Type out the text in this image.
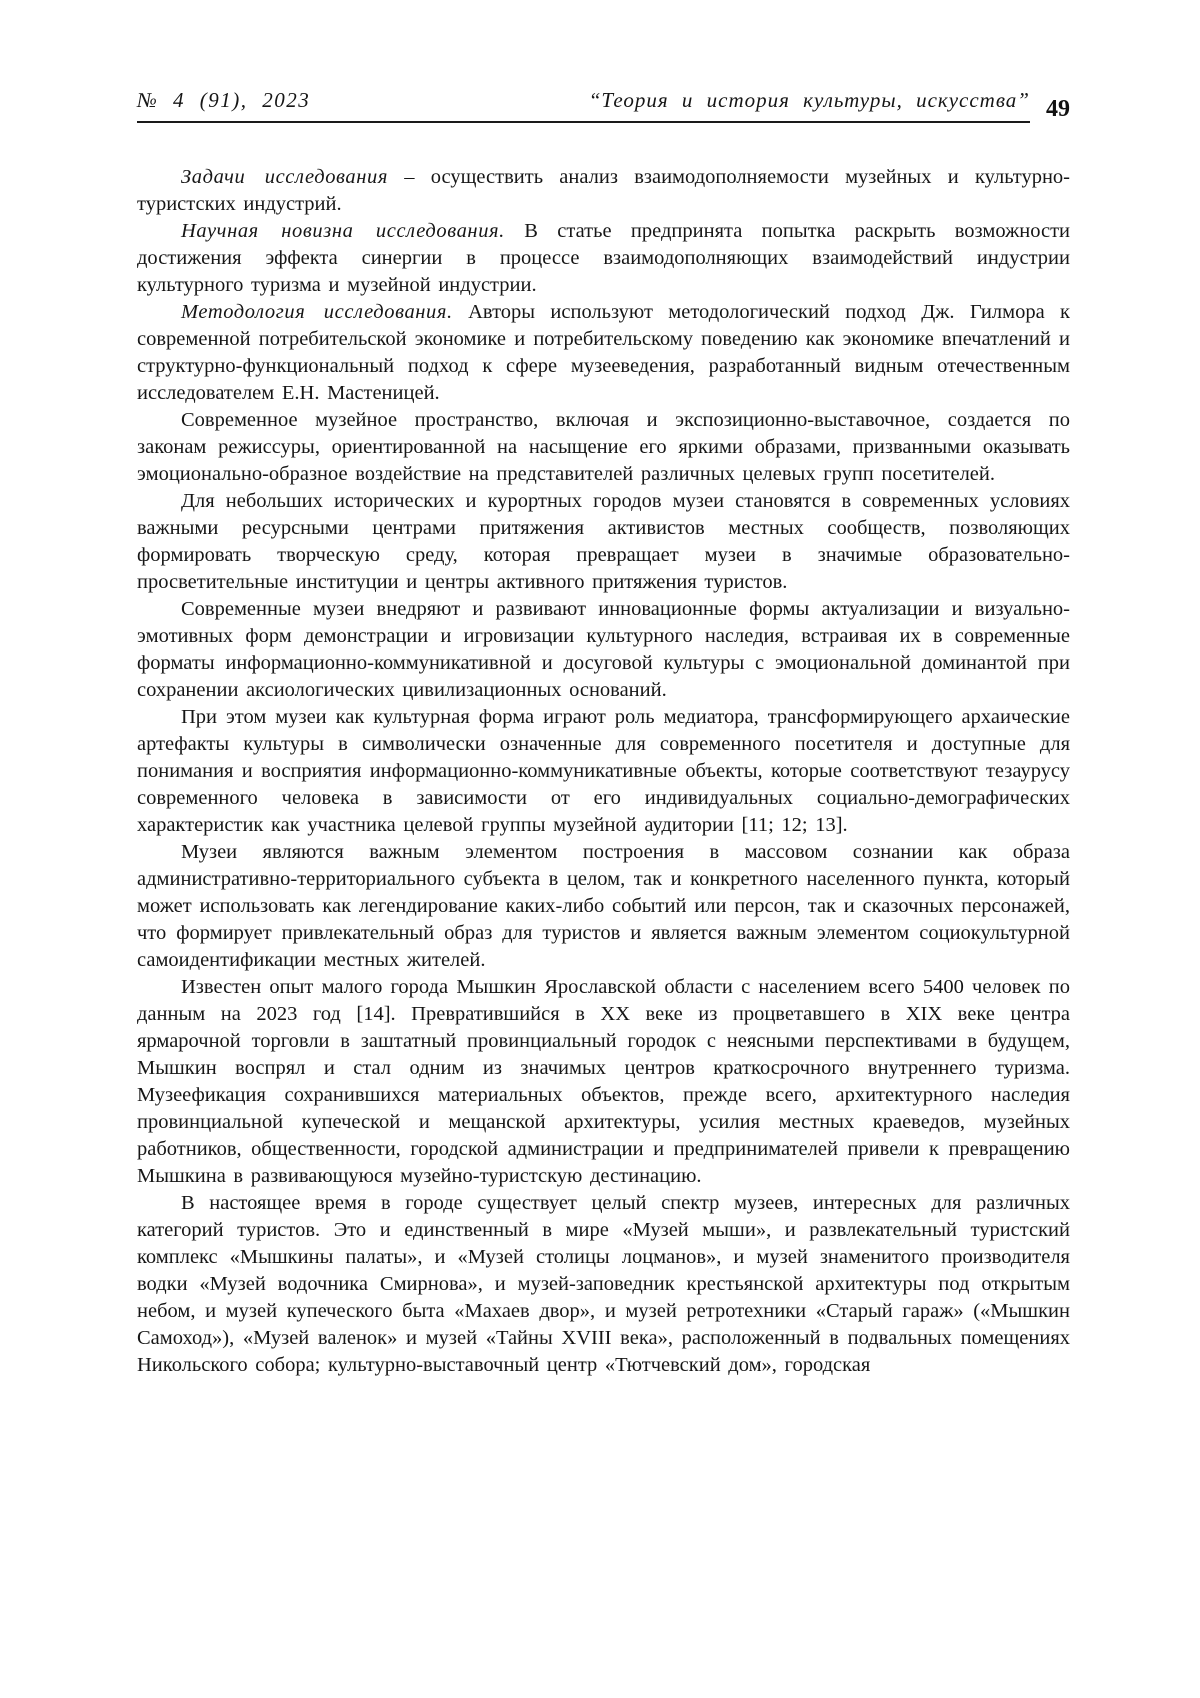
№ 4 (91), 2023	“Теория и история культуры, искусства” 49

Задачи исследования – осуществить анализ взаимодополняемости музейных и культурно-туристских индустрий.

Научная новизна исследования. В статье предпринята попытка раскрыть возможности достижения эффекта синергии в процессе взаимодополняющих взаимодействий индустрии культурного туризма и музейной индустрии.

Методология исследования. Авторы используют методологический подход Дж. Гилмора к современной потребительской экономике и потребительскому поведению как экономике впечатлений и структурно-функциональный подход к сфере музееведения, разработанный видным отечественным исследователем Е.Н. Мастеницей.

Современное музейное пространство, включая и экспозиционно-выставочное, создается по законам режиссуры, ориентированной на насыщение его яркими образами, призванными оказывать эмоционально-образное воздействие на представителей различных целевых групп посетителей.

Для небольших исторических и курортных городов музеи становятся в современных условиях важными ресурсными центрами притяжения активистов местных сообществ, позволяющих формировать творческую среду, которая превращает музеи в значимые образовательно-просветительные институции и центры активного притяжения туристов.

Современные музеи внедряют и развивают инновационные формы актуализации и визуально-эмотивных форм демонстрации и игровизации культурного наследия, встраивая их в современные форматы информационно-коммуникативной и досуговой культуры с эмоциональной доминантой при сохранении аксиологических цивилизационных оснований.

При этом музеи как культурная форма играют роль медиатора, трансформирующего архаические артефакты культуры в символически означенные для современного посетителя и доступные для понимания и восприятия информационно-коммуникативные объекты, которые соответствуют тезаурусу современного человека в зависимости от его индивидуальных социально-демографических характеристик как участника целевой группы музейной аудитории [11; 12; 13].

Музеи являются важным элементом построения в массовом сознании как образа административно-территориального субъекта в целом, так и конкретного населенного пункта, который может использовать как легендирование каких-либо событий или персон, так и сказочных персонажей, что формирует привлекательный образ для туристов и является важным элементом социокультурной самоидентификации местных жителей.

Известен опыт малого города Мышкин Ярославской области с населением всего 5400 человек по данным на 2023 год [14]. Превратившийся в XX веке из процветавшего в XIX веке центра ярмарочной торговли в заштатный провинциальный городок с неясными перспективами в будущем, Мышкин воспрял и стал одним из значимых центров краткосрочного внутреннего туризма. Музеефикация сохранившихся материальных объектов, прежде всего, архитектурного наследия провинциальной купеческой и мещанской архитектуры, усилия местных краеведов, музейных работников, общественности, городской администрации и предпринимателей привели к превращению Мышкина в развивающуюся музейно-туристскую дестинацию.

В настоящее время в городе существует целый спектр музеев, интересных для различных категорий туристов. Это и единственный в мире «Музей мыши», и развлекательный туристский комплекс «Мышкины палаты», и «Музей столицы лоцманов», и музей знаменитого производителя водки «Музей водочника Смирнова», и музей-заповедник крестьянской архитектуры под открытым небом, и музей купеческого быта «Махаев двор», и музей ретротехники «Старый гараж» («Мышкин Самоход»), «Музей валенок» и музей «Тайны XVIII века», расположенный в подвальных помещениях Никольского собора; культурно-выставочный центр «Тютчевский дом», городская
